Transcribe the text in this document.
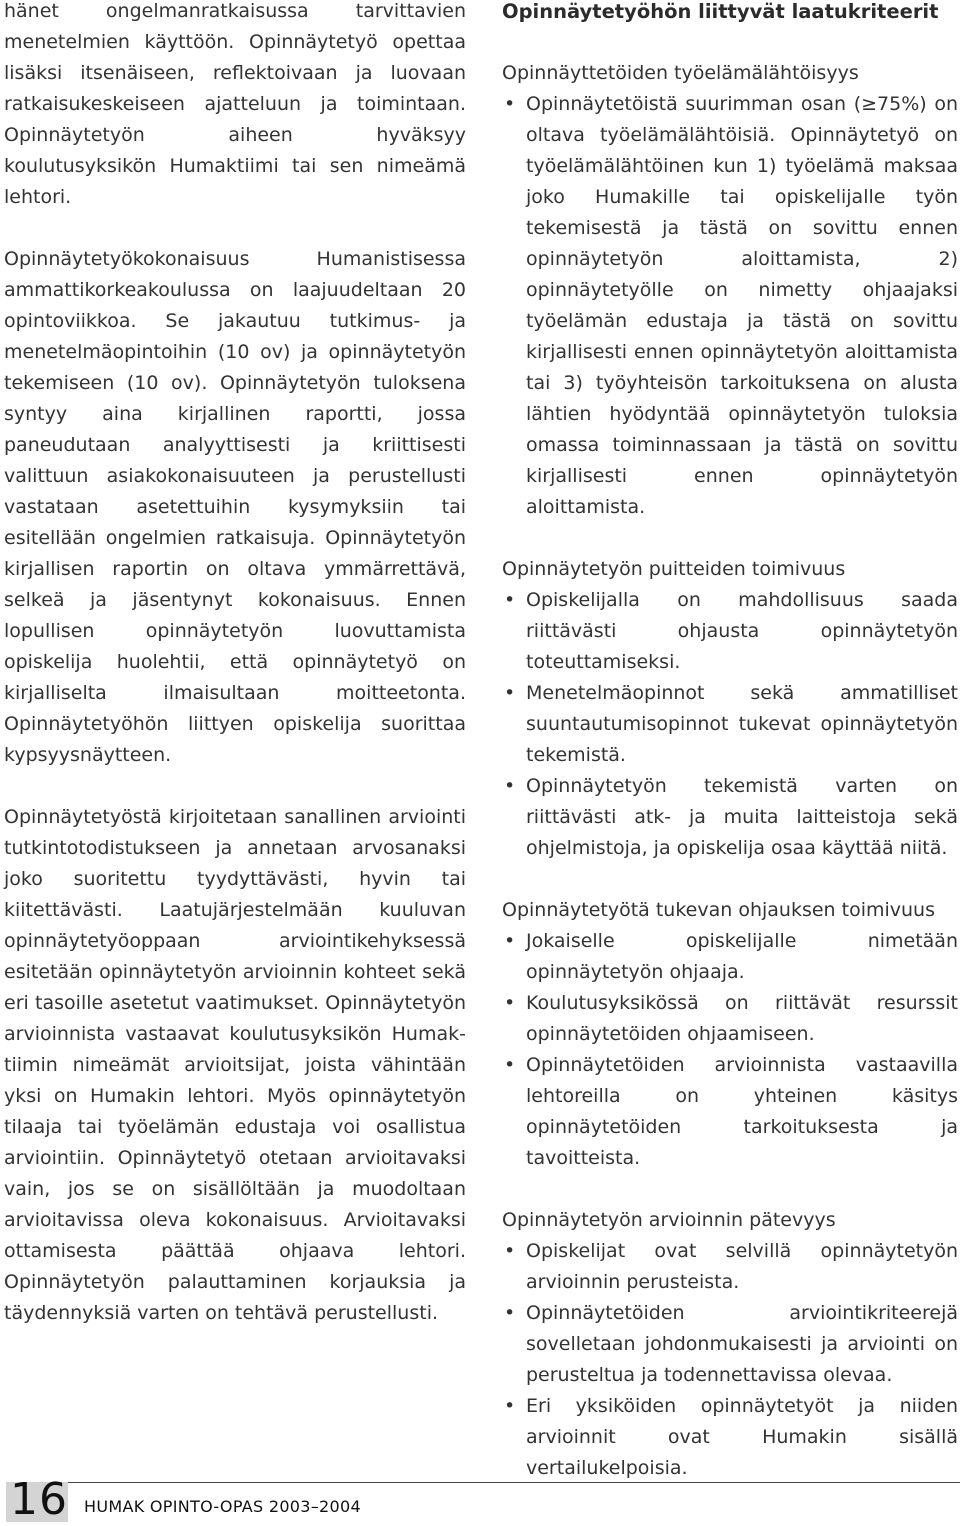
hänet ongelmanratkaisussa tarvittavien menetelmien käyttöön. Opinnäytetyö opettaa lisäksi itsenäiseen, reflektoivaan ja luovaan ratkaisukeskeiseen ajatteluun ja toimintaan. Opinnäytetyön aiheen hyväksyy koulutusyksikön Humaktiimi tai sen nimeämä lehtori.

Opinnäytetyökokonaisuus Humanistisessa ammattikorkeakoulussa on laajuudeltaan 20 opintoviikkoa. Se jakautuu tutkimus- ja menetelmäopintoihin (10 ov) ja opinnäytetyön tekemiseen (10 ov). Opinnäytetyön tuloksena syntyy aina kirjallinen raportti, jossa paneudutaan analyyttisesti ja kriittisesti valittuun asiakokonaisuuteen ja perustellusti vastataan asetettuihin kysymyksiin tai esitellään ongelmien ratkaisuja. Opinnäytetyön kirjallisen raportin on oltava ymmärrettävä, selkeä ja jäsentynyt kokonaisuus. Ennen lopullisen opinnäytetyön luovuttamista opiskelija huolehtii, että opinnäytetyö on kirjalliselta ilmaisultaan moitteetonta. Opinnäytetyöhön liittyen opiskelija suorittaa kypsyysnäytteen.

Opinnäytetyöstä kirjoitetaan sanallinen arviointi tutkintotodistukseen ja annetaan arvosanaksi joko suoritettu tyydyttävästi, hyvin tai kiitettävästi. Laatujärjestelmään kuuluvan opinnäytetyöoppaan arviointikehyksessä esitetään opinnäytetyön arvioinnin kohteet sekä eri tasoille asetetut vaatimukset. Opinnäytetyön arvioinnista vastaavat koulutusyksikön Humak-tiimin nimeämät arvioitsijat, joista vähintään yksi on Humakin lehtori. Myös opinnäytetyön tilaaja tai työelämän edustaja voi osallistua arviointiin. Opinnäytetyö otetaan arvioitavaksi vain, jos se on sisällöltään ja muodoltaan arvioitavissa oleva kokonaisuus. Arvioitavaksi ottamisesta päättää ohjaava lehtori. Opinnäytetyön palauttaminen korjauksia ja täydennyksiä varten on tehtävä perustellusti.

Opinnäytetyöhön liittyvät laatukriteerit

Opinnäyttetöiden työelämälähtöisyys

• Opinnäytetöistä suurimman osan (≥75%) on oltava työelämälähtöisiä. Opinnäytetyö on työelämälähtöinen kun 1) työelämä maksaa joko Humakille tai opiskelijalle työn tekemisestä ja tästä on sovittu ennen opinnäytetyön aloittamista, 2) opinnäytetyölle on nimetty ohjaajaksi työelämän edustaja ja tästä on sovittu kirjallisesti ennen opinnäytetyön aloittamista tai 3) työyhteisön tarkoituksena on alusta lähtien hyödyntää opinnäytetyön tuloksia omassa toiminnassaan ja tästä on sovittu kirjallisesti ennen opinnäytetyön aloittamista.

Opinnäytetyön puitteiden toimivuus

• Opiskelijalla on mahdollisuus saada riittävästi ohjausta opinnäytetyön toteuttamiseksi.
• Menetelmäopinnot sekä ammatilliset suuntautumisopinnot tukevat opinnäytetyön tekemistä.
• Opinnäytetyön tekemistä varten on riittävästi atk- ja muita laitteistoja sekä ohjelmistoja, ja opiskelija osaa käyttää niitä.

Opinnäytetyötä tukevan ohjauksen toimivuus

• Jokaiselle opiskelijalle nimetään opinnäytetyön ohjaaja.
• Koulutusyksikössä on riittävät resurssit opinnäytetöiden ohjaamiseen.
• Opinnäytetöiden arvioinnista vastaavilla lehtoreilla on yhteinen käsitys opinnäytetöiden tarkoituksesta ja tavoitteista.

Opinnäytetyön arvioinnin pätevyys

• Opiskelijat ovat selvillä opinnäytetyön arvioinnin perusteista.
• Opinnäytetöiden arviointikriteerejä sovelletaan johdonmukaisesti ja arviointi on perusteltua ja todennettavissa olevaa.
• Eri yksiköiden opinnäytetyöt ja niiden arvioinnit ovat Humakin sisällä vertailukelpoisia.
16 HUMAK OPINTO-OPAS 2003–2004
